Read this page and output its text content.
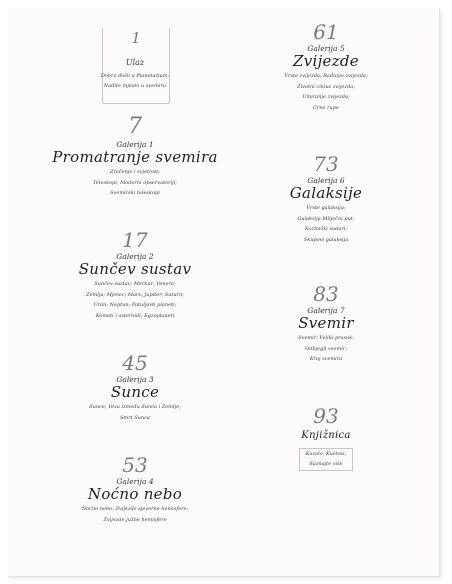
1
Ulaz
Dobro došli u Planetarium;
Nađite mjesto u svemiru
7
Galerija 1
Promatranje svemira
Zračenje i svjetlost;
Teleskopi; Moderni opservatoriji;
Svemirski teleskopi
17
Galerija 2
Sunčev sustav
Sunčev sustav; Merkur; Venera;
Zemlja; Mjesec; Mars; Jupiter; Saturn;
Uran; Neptun; Patuljasti planeti;
Kometi i asteroidi; Egzoplaneti
45
Galerija 3
Sunce
Sunce; Veza između Sunca i Zemlje;
Smrt Sunca
53
Galerija 4
Noćno nebo
Noćno nebo; Zvijezde sjeverne hemisfere;
Zvijezde južne hemisfere
61
Galerija 5
Zvijezde
Vrste zvijezda; Rađanje zvijezda;
Životni ciklus zvijezda;
Umiranje zvijezda;
Crne rupe
73
Galerija 6
Galaksije
Vrste galaksija;
Galaksija Mliječni put;
Kozmički sudari;
Skupovi galaksija
83
Galerija 7
Svemir
Svemir; Veliki prasak;
Odbjegli svemir;
Kraj svemira
93
Knjižnica
Kazalo; Kustosi;
Saznajte više
